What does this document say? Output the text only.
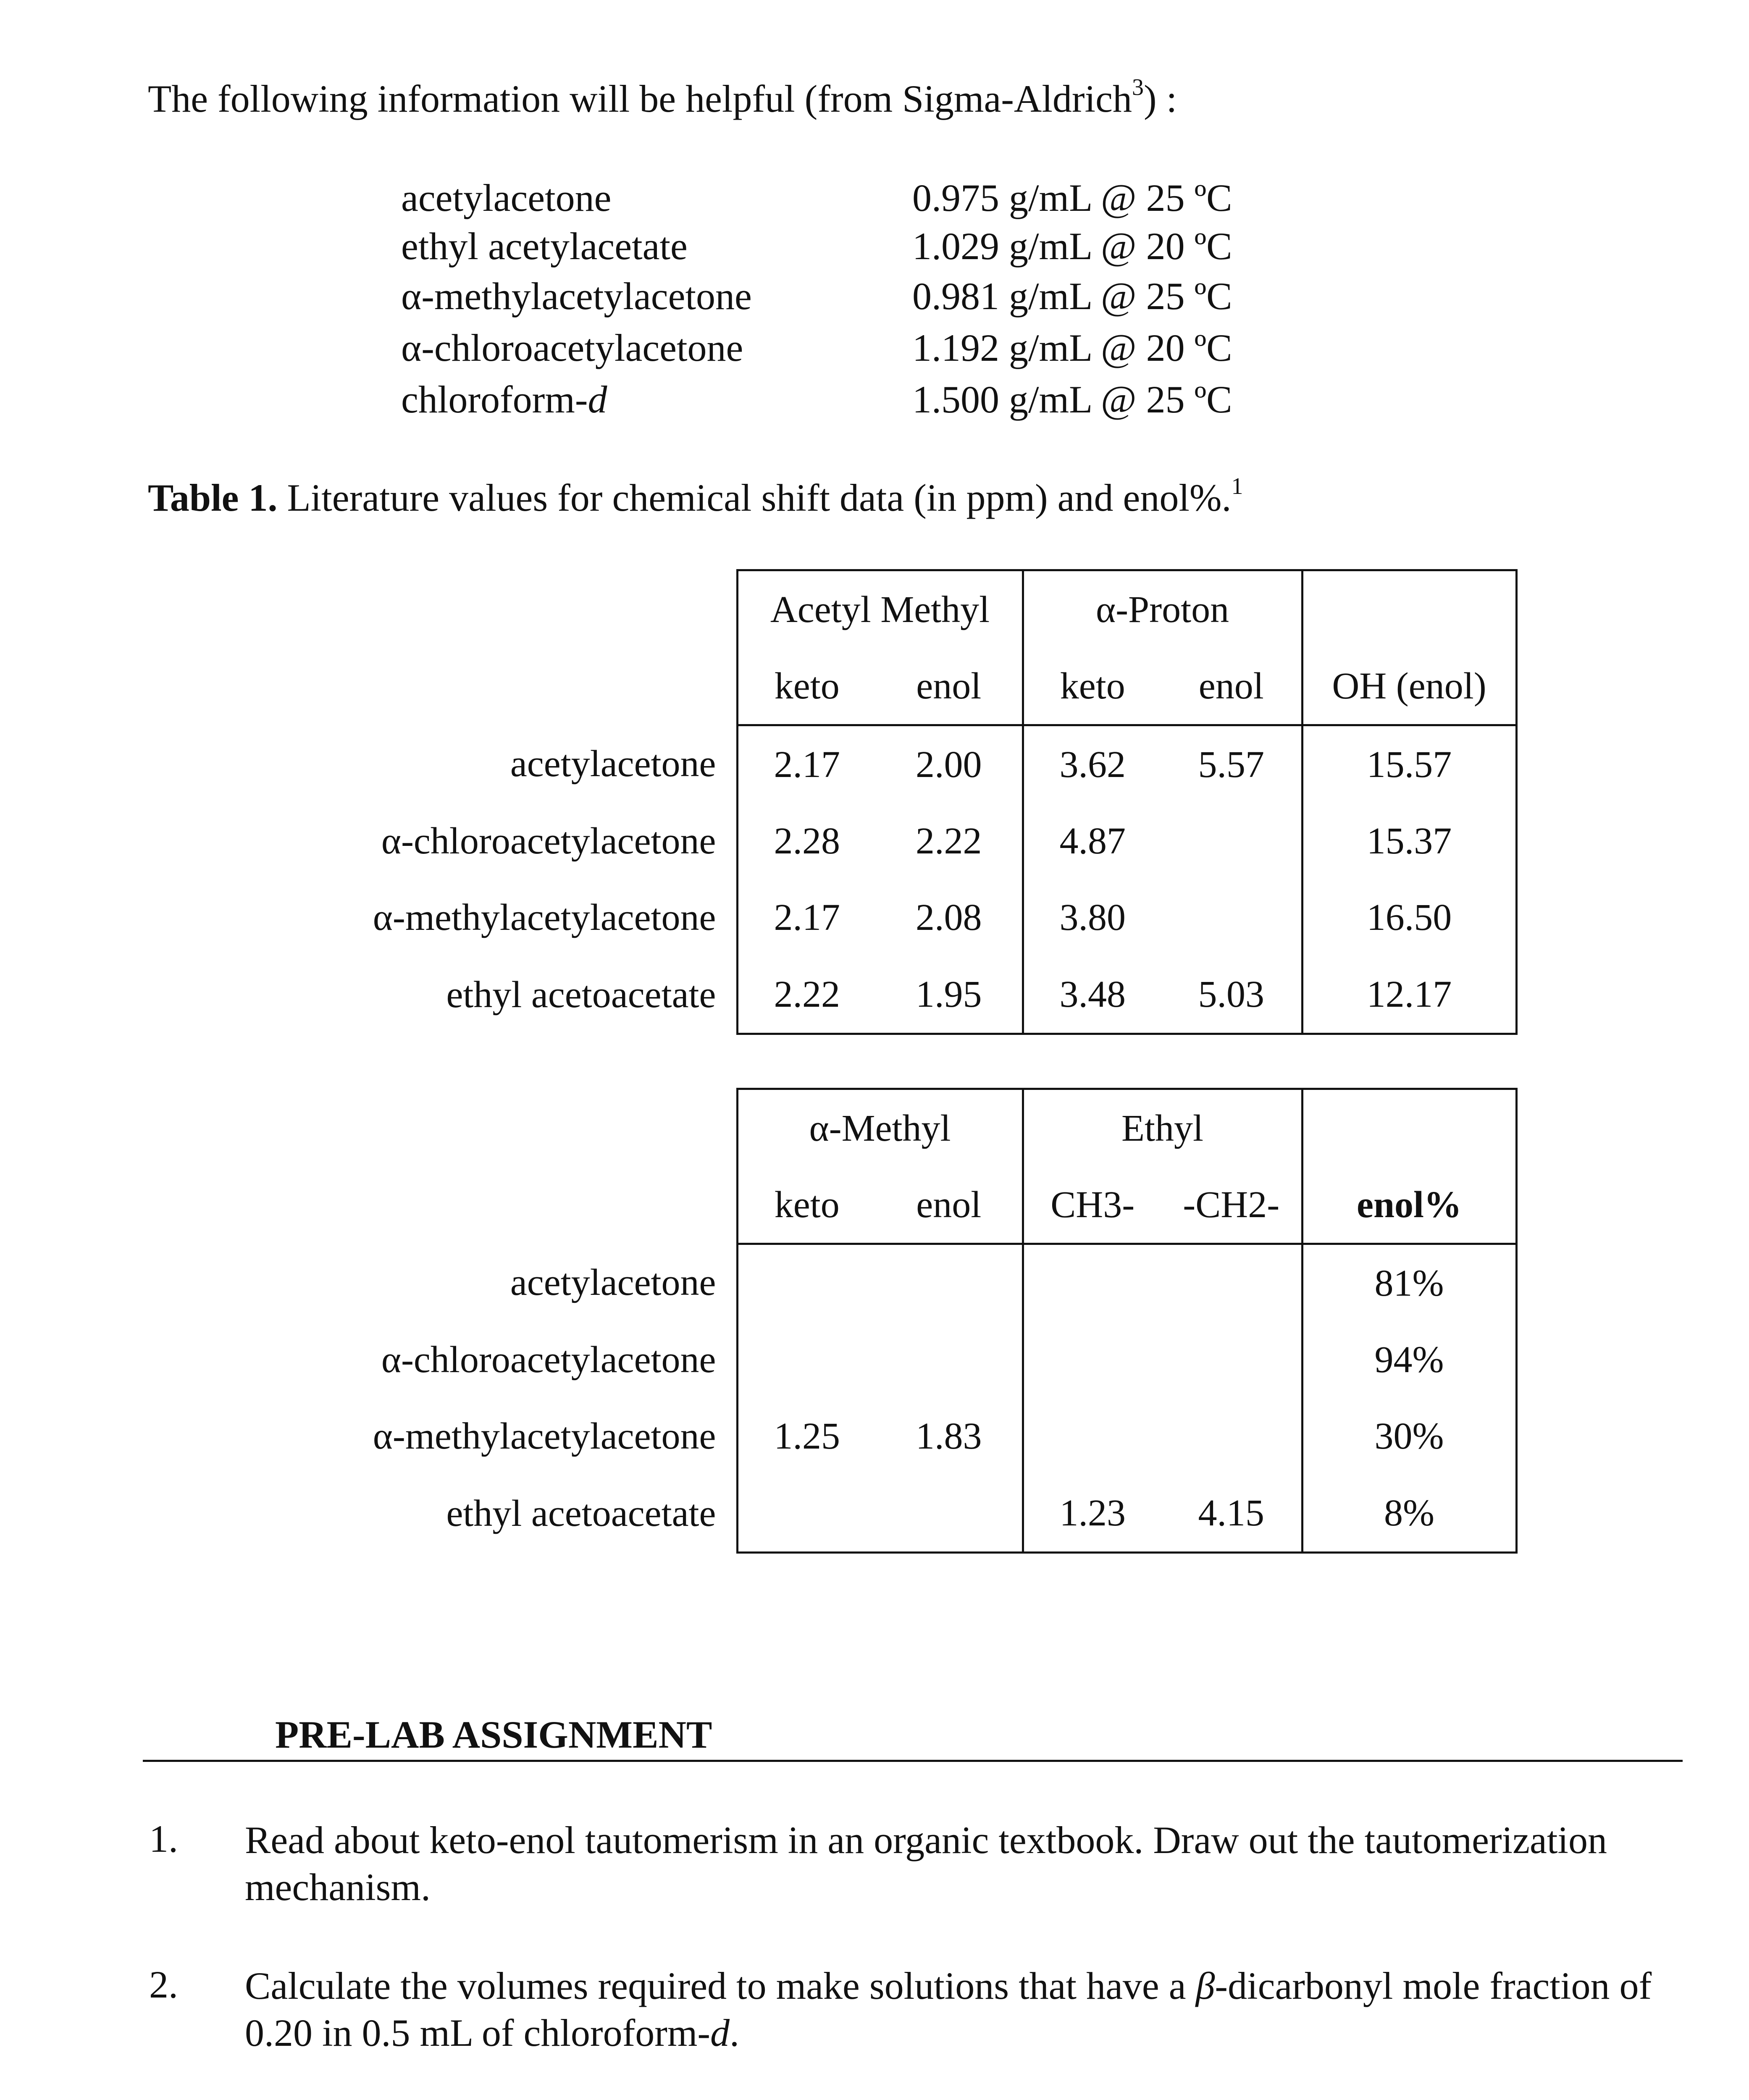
The following information will be helpful (from Sigma-Aldrich$^3$) :
acetylacetone	0.975 g/mL @ 25 ºC
ethyl acetylacetate	1.029 g/mL @ 20 ºC
α-methylacetylacetone	0.981 g/mL @ 25 ºC
α-chloroacetylacetone	1.192 g/mL @ 20 ºC
chloroform-d	1.500 g/mL @ 25 ºC
Table 1. Literature values for chemical shift data (in ppm) and enol%.$^1$
	Acetyl Methyl		α-Proton		
	keto	enol	keto	enol	OH (enol)
acetylacetone	2.17	2.00	3.62	5.57	15.57
α-chloroacetylacetone	2.28	2.22	4.87		15.37
α-methylacetylacetone	2.17	2.08	3.80		16.50
ethyl acetoacetate	2.22	1.95	3.48	5.03	12.17
	α-Methyl		Ethyl		
	keto	enol	CH3-	-CH2-	enol%
acetylacetone					81%
α-chloroacetylacetone					94%
α-methylacetylacetone	1.25	1.83			30%
ethyl acetoacetate			1.23	4.15	8%
PRE-LAB ASSIGNMENT
1. Read about keto-enol tautomerism in an organic textbook. Draw out the tautomerization mechanism.
2. Calculate the volumes required to make solutions that have a β-dicarbonyl mole fraction of 0.20 in 0.5 mL of chloroform-d.
